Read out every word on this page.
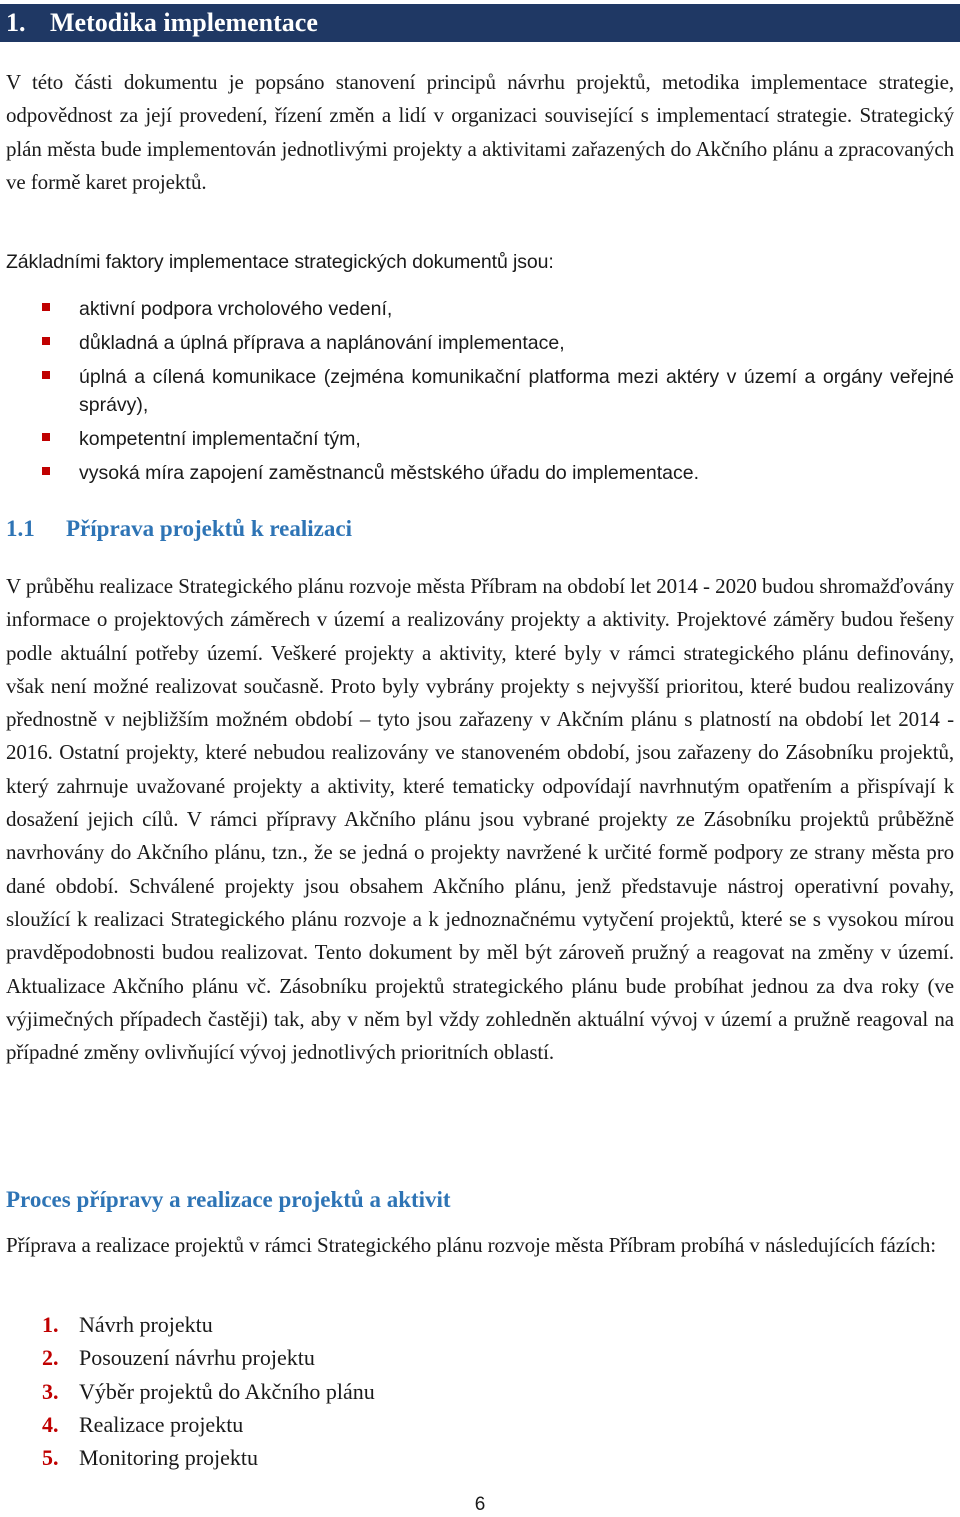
1. Metodika implementace
V této části dokumentu je popsáno stanovení principů návrhu projektů, metodika implementace strategie, odpovědnost za její provedení, řízení změn a lidí v organizaci související s implementací strategie. Strategický plán města bude implementován jednotlivými projekty a aktivitami zařazených do Akčního plánu a zpracovaných ve formě karet projektů.
Základními faktory implementace strategických dokumentů jsou:
aktivní podpora vrcholového vedení,
důkladná a úplná příprava a naplánování implementace,
úplná a cílená komunikace (zejména komunikační platforma mezi aktéry v území a orgány veřejné správy),
kompetentní implementační tým,
vysoká míra zapojení zaměstnanců městského úřadu do implementace.
1.1 Příprava projektů k realizaci
V průběhu realizace Strategického plánu rozvoje města Příbram na období let 2014 - 2020 budou shromažďovány informace o projektových záměrech v území a realizovány projekty a aktivity. Projektové záměry budou řešeny podle aktuální potřeby území. Veškeré projekty a aktivity, které byly v rámci strategického plánu definovány, však není možné realizovat současně. Proto byly vybrány projekty s nejvyšší prioritou, které budou realizovány přednostně v nejbližším možném období – tyto jsou zařazeny v Akčním plánu s platností na období let 2014 - 2016. Ostatní projekty, které nebudou realizovány ve stanoveném období, jsou zařazeny do Zásobníku projektů, který zahrnuje uvažované projekty a aktivity, které tematicky odpovídají navrhnutým opatřením a přispívají k dosažení jejich cílů. V rámci přípravy Akčního plánu jsou vybrané projekty ze Zásobníku projektů průběžně navrhovány do Akčního plánu, tzn., že se jedná o projekty navržené k určité formě podpory ze strany města pro dané období. Schválené projekty jsou obsahem Akčního plánu, jenž představuje nástroj operativní povahy, sloužící k realizaci Strategického plánu rozvoje a k jednoznačnému vytyčení projektů, které se s vysokou mírou pravděpodobnosti budou realizovat. Tento dokument by měl být zároveň pružný a reagovat na změny v území. Aktualizace Akčního plánu vč. Zásobníku projektů strategického plánu bude probíhat jednou za dva roky (ve výjimečných případech častěji) tak, aby v něm byl vždy zohledněn aktuální vývoj v území a pružně reagoval na případné změny ovlivňující vývoj jednotlivých prioritních oblastí.
Proces přípravy a realizace projektů a aktivit
Příprava a realizace projektů v rámci Strategického plánu rozvoje města Příbram probíhá v následujících fázích:
1. Návrh projektu
2. Posouzení návrhu projektu
3. Výběr projektů do Akčního plánu
4. Realizace projektu
5. Monitoring projektu
6
